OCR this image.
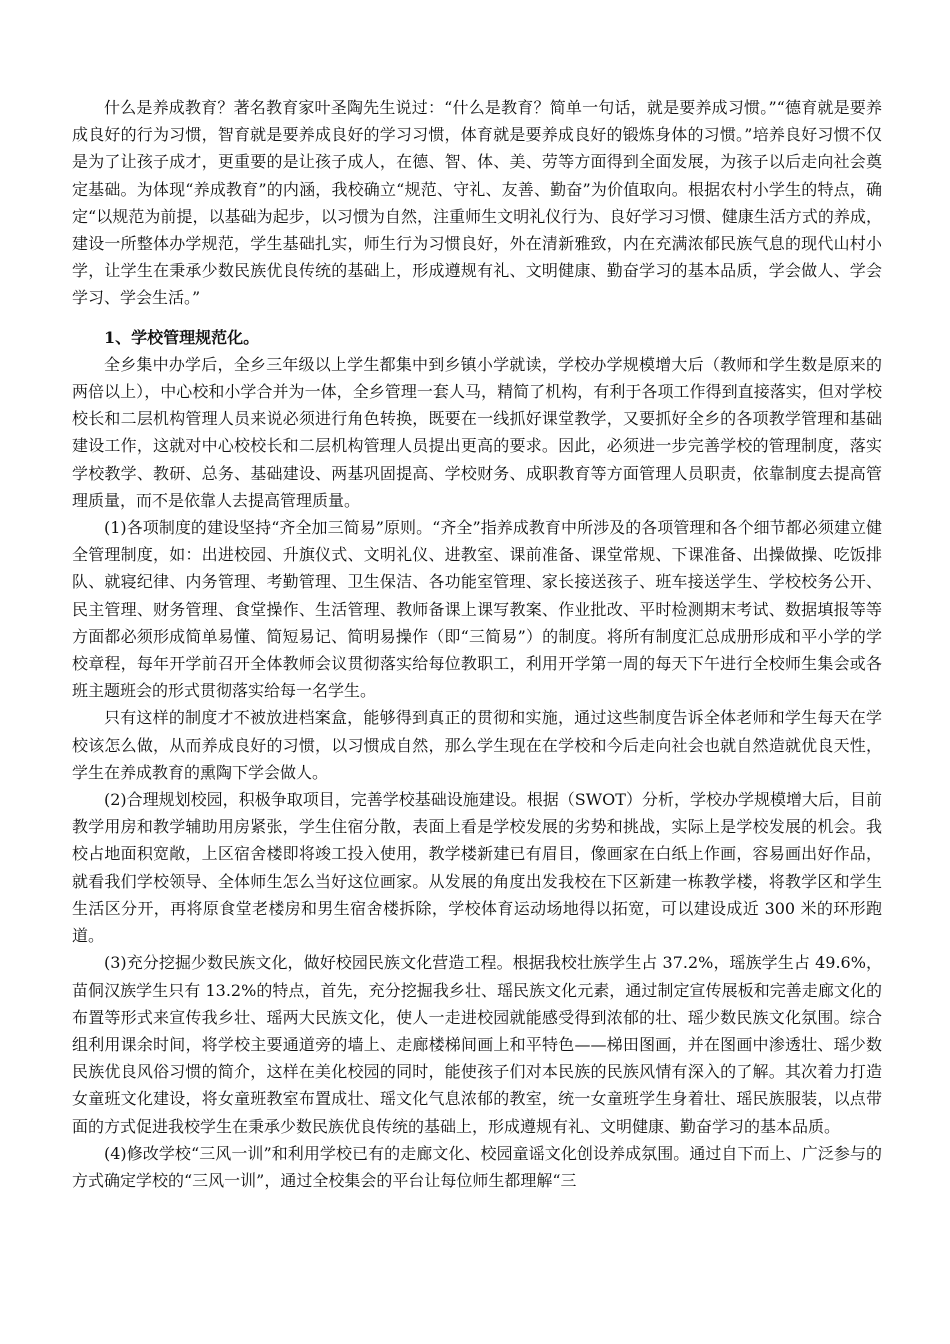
什么是养成教育？著名教育家叶圣陶先生说过：“什么是教育？简单一句话，就是要养成习惯。”“德育就是要养成良好的行为习惯，智育就是要养成良好的学习习惯，体育就是要养成良好的锻炼身体的习惯。”培养良好习惯不仅是为了让孩子成才，更重要的是让孩子成人，在德、智、体、美、劳等方面得到全面发展，为孩子以后走向社会奠定基础。为体现“养成教育”的内涵，我校确立“规范、守礼、友善、勤奋”为价值取向。根据农村小学生的特点，确定“以规范为前提，以基础为起步，以习惯为自然，注重师生文明礼仪行为、良好学习习惯、健康生活方式的养成，建设一所整体办学规范，学生基础扎实，师生行为习惯良好，外在清新雅致，内在充满浓郁民族气息的现代山村小学，让学生在秉承少数民族优良传统的基础上，形成遵规有礼、文明健康、勤奋学习的基本品质，学会做人、学会学习、学会生活。”

1、学校管理规范化。

全乡集中办学后，全乡三年级以上学生都集中到乡镇小学就读，学校办学规模增大后（教师和学生数是原来的两倍以上），中心校和小学合并为一体，全乡管理一套人马，精简了机构，有利于各项工作得到直接落实，但对学校校长和二层机构管理人员来说必须进行角色转换，既要在一线抓好课堂教学，又要抓好全乡的各项教学管理和基础建设工作，这就对中心校校长和二层机构管理人员提出更高的要求。因此，必须进一步完善学校的管理制度，落实学校教学、教研、总务、基础建设、两基巩固提高、学校财务、成职教育等方面管理人员职责，依靠制度去提高管理质量，而不是依靠人去提高管理质量。

(1)各项制度的建设坚持“齐全加三简易”原则。“齐全”指养成教育中所涉及的各项管理和各个细节都必须建立健全管理制度，如：出进校园、升旗仪式、文明礼仪、进教室、课前准备、课堂常规、下课准备、出操做操、吃饭排队、就寝纪律、内务管理、考勤管理、卫生保洁、各功能室管理、家长接送孩子、班车接送学生、学校校务公开、民主管理、财务管理、食堂操作、生活管理、教师备课上课写教案、作业批改、平时检测期末考试、数据填报等等方面都必须形成简单易懂、简短易记、简明易操作（即“三简易”）的制度。将所有制度汇总成册形成和平小学的学校章程，每年开学前召开全体教师会议贯彻落实给每位教职工，利用开学第一周的每天下午进行全校师生集会或各班主题班会的形式贯彻落实给每一名学生。

只有这样的制度才不被放进档案盒，能够得到真正的贯彻和实施，通过这些制度告诉全体老师和学生每天在学校该怎么做，从而养成良好的习惯，以习惯成自然，那么学生现在在学校和今后走向社会也就自然造就优良天性，学生在养成教育的熏陶下学会做人。

(2)合理规划校园，积极争取项目，完善学校基础设施建设。根据（SWOT）分析，学校办学规模增大后，目前教学用房和教学辅助用房紧张，学生住宿分散，表面上看是学校发展的劣势和挑战，实际上是学校发展的机会。我校占地面积宽敞，上区宿舍楼即将竣工投入使用，教学楼新建已有眉目，像画家在白纸上作画，容易画出好作品，就看我们学校领导、全体师生怎么当好这位画家。从发展的角度出发我校在下区新建一栋教学楼，将教学区和学生生活区分开，再将原食堂老楼房和男生宿舍楼拆除，学校体育运动场地得以拓宽，可以建设成近 300 米的环形跑道。

(3)充分挖掘少数民族文化，做好校园民族文化营造工程。根据我校壮族学生占 37.2%，瑶族学生占 49.6%，苗侗汉族学生只有 13.2%的特点，首先，充分挖掘我乡壮、瑶民族文化元素，通过制定宣传展板和完善走廊文化的布置等形式来宣传我乡壮、瑶两大民族文化，使人一走进校园就能感受得到浓郁的壮、瑶少数民族文化氛围。综合组利用课余时间，将学校主要通道旁的墙上、走廊楼梯间画上和平特色——梯田图画，并在图画中渗透壮、瑶少数民族优良风俗习惯的简介，这样在美化校园的同时，能使孩子们对本民族的民族风情有深入的了解。其次着力打造女童班文化建设，将女童班教室布置成壮、瑶文化气息浓郁的教室，统一女童班学生身着壮、瑶民族服装，以点带面的方式促进我校学生在秉承少数民族优良传统的基础上，形成遵规有礼、文明健康、勤奋学习的基本品质。

(4)修改学校“三风一训”和利用学校已有的走廊文化、校园童谣文化创设养成氛围。通过自下而上、广泛参与的方式确定学校的“三风一训”，通过全校集会的平台让每位师生都理解“三
